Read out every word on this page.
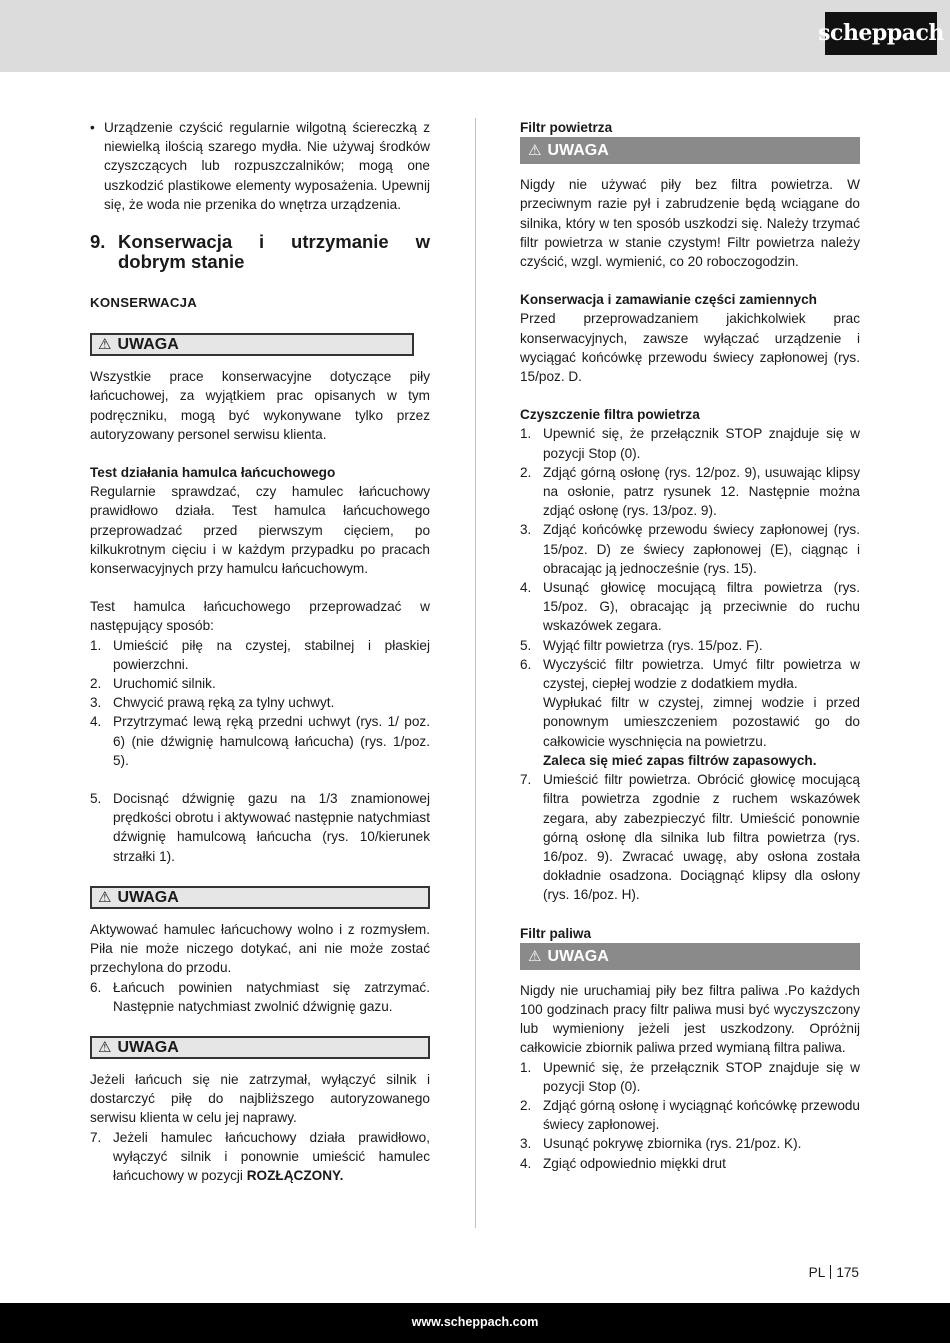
scheppach
• Urządzenie czyścić regularnie wilgotną ściereczką z niewielką ilością szarego mydła. Nie używaj środków czyszczących lub rozpuszczalników; mogą one uszkodzić plastikowe elementy wyposażenia. Upewnij się, że woda nie przenika do wnętrza urządzenia.
9. Konserwacja i utrzymanie w dobrym stanie

KONSERWACJA

⚠ UWAGA

Wszystkie prace konserwacyjne dotyczące piły łańcuchowej, za wyjątkiem prac opisanych w tym podręczniku, mogą być wykonywane tylko przez autoryzowany personel serwisu klienta.

Test działania hamulca łańcuchowego

Regularnie sprawdzać, czy hamulec łańcuchowy prawidłowo działa. Test hamulca łańcuchowego przeprowadzać przed pierwszym cięciem, po kilkukrotnym cięciu i w każdym przypadku po pracach konserwacyjnych przy hamulcu łańcuchowym.

Test hamulca łańcuchowego przeprowadzać w następujący sposób:

1. Umieścić piłę na czystej, stabilnej i płaskiej powierzchni.
2. Uruchomić silnik.
3. Chwycić prawą ręką za tylny uchwyt.
4. Przytrzymać lewą ręką przedni uchwyt (rys. 1/ poz. 6) (nie dźwignię hamulcową łańcucha) (rys. 1/poz. 5).
5. Docisnąć dźwignię gazu na 1/3 znamionowej prędkości obrotu i aktywować następnie natychmiast dźwignię hamulcową łańcucha (rys. 10/kierunek strzałki 1).
⚠ UWAGA

Aktywować hamulec łańcuchowy wolno i z rozmysłem. Piła nie może niczego dotykać, ani nie może zostać przechylona do przodu.

6. Łańcuch powinien natychmiast się zatrzymać. Następnie natychmiast zwolnić dźwignię gazu.
⚠ UWAGA

Jeżeli łańcuch się nie zatrzymał, wyłączyć silnik i dostarczyć piłę do najbliższego autoryzowanego serwisu klienta w celu jej naprawy.

7. Jeżeli hamulec łańcuchowy działa prawidłowo, wyłączyć silnik i ponownie umieścić hamulec łańcuchowy w pozycji ROZŁĄCZONY.

Filtr powietrza

⚠ UWAGA

Nigdy nie używać piły bez filtra powietrza. W przeciwnym razie pył i zabrudzenie będą wciągane do silnika, który w ten sposób uszkodzi się. Należy trzymać filtr powietrza w stanie czystym! Filtr powietrza należy czyścić, wzgl. wymienić, co 20 roboczogodzin.

Konserwacja i zamawianie części zamiennych

Przed przeprowadzaniem jakichkolwiek prac konserwacyjnych, zawsze wyłączać urządzenie i wyciągać końcówkę przewodu świecy zapłonowej (rys. 15/poz. D.

Czyszczenie filtra powietrza

1. Upewnić się, że przełącznik STOP znajduje się w pozycji Stop (0).
2. Zdjąć górną osłonę (rys. 12/poz. 9), usuwając klipsy na osłonie, patrz rysunek 12. Następnie można zdjąć osłonę (rys. 13/poz. 9).
3. Zdjąć końcówkę przewodu świecy zapłonowej (rys. 15/poz. D) ze świecy zapłonowej (E), ciągnąc i obracając ją jednocześnie (rys. 15).
4. Usunąć głowicę mocującą filtra powietrza (rys. 15/poz. G), obracając ją przeciwnie do ruchu wskazówek zegara.
5. Wyjąć filtr powietrza (rys. 15/poz. F).
6. Wyczyścić filtr powietrza. Umyć filtr powietrza w czystej, ciepłej wodzie z dodatkiem mydła.

Wypłukać filtr w czystej, zimnej wodzie i przed ponownym umieszczeniem pozostawić go do całkowicie wyschnięcia na powietrzu.

Zaleca się mieć zapas filtrów zapasowych.

7. Umieścić filtr powietrza. Obrócić głowicę mocującą filtra powietrza zgodnie z ruchem wskazówek zegara, aby zabezpieczyć filtr. Umieścić ponownie górną osłonę dla silnika lub filtra powietrza (rys. 16/poz. 9). Zwracać uwagę, aby osłona została dokładnie osadzona. Dociągnąć klipsy dla osłony (rys. 16/poz. H).

Filtr paliwa

⚠ UWAGA

Nigdy nie uruchamiaj piły bez filtra paliwa .Po każdych 100 godzinach pracy filtr paliwa musi być wyczyszczony lub wymieniony jeżeli jest uszkodzony. Opróżnij całkowicie zbiornik paliwa przed wymianą filtra paliwa.

1. Upewnić się, że przełącznik STOP znajduje się w pozycji Stop (0).
2. Zdjąć górną osłonę i wyciągnąć końcówkę przewodu świecy zapłonowej.
3. Usunąć pokrywę zbiornika (rys. 21/poz. K).
4. Zgiąć odpowiednio miękki drut
PL 175
www.scheppach.com
